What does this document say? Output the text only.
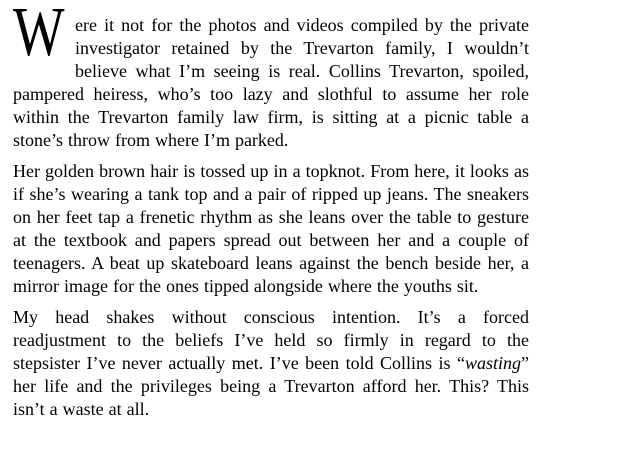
Were it not for the photos and videos compiled by the private investigator retained by the Trevarton family, I wouldn’t believe what I’m seeing is real. Collins Trevarton, spoiled, pampered heiress, who’s too lazy and slothful to assume her role within the Trevarton family law firm, is sitting at a picnic table a stone’s throw from where I’m parked.

Her golden brown hair is tossed up in a topknot. From here, it looks as if she’s wearing a tank top and a pair of ripped up jeans. The sneakers on her feet tap a frenetic rhythm as she leans over the table to gesture at the textbook and papers spread out between her and a couple of teenagers. A beat up skateboard leans against the bench beside her, a mirror image for the ones tipped alongside where the youths sit.

My head shakes without conscious intention. It’s a forced readjustment to the beliefs I’ve held so firmly in regard to the stepsister I’ve never actually met. I’ve been told Collins is “wasting” her life and the privileges being a Trevarton afford her. This? This isn’t a waste at all.
